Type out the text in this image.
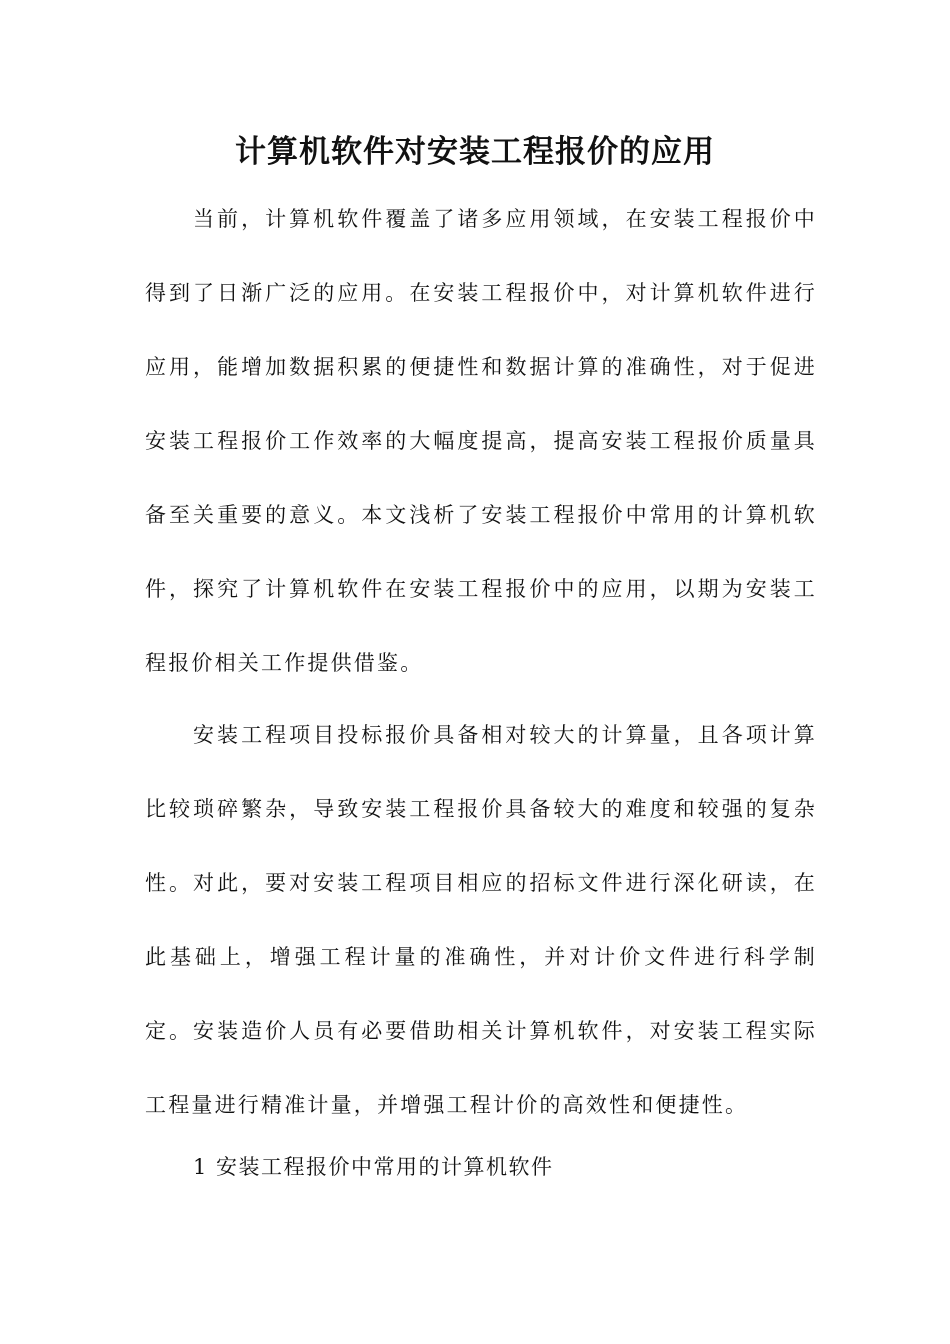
计算机软件对安装工程报价的应用

当前，计算机软件覆盖了诸多应用领域，在安装工程报价中得到了日渐广泛的应用。在安装工程报价中，对计算机软件进行应用，能增加数据积累的便捷性和数据计算的准确性，对于促进安装工程报价工作效率的大幅度提高，提高安装工程报价质量具备至关重要的意义。本文浅析了安装工程报价中常用的计算机软件，探究了计算机软件在安装工程报价中的应用，以期为安装工程报价相关工作提供借鉴。

安装工程项目投标报价具备相对较大的计算量，且各项计算比较琐碎繁杂，导致安装工程报价具备较大的难度和较强的复杂性。对此，要对安装工程项目相应的招标文件进行深化研读，在此基础上，增强工程计量的准确性，并对计价文件进行科学制定。安装造价人员有必要借助相关计算机软件，对安装工程实际工程量进行精准计量，并增强工程计价的高效性和便捷性。

1 安装工程报价中常用的计算机软件
